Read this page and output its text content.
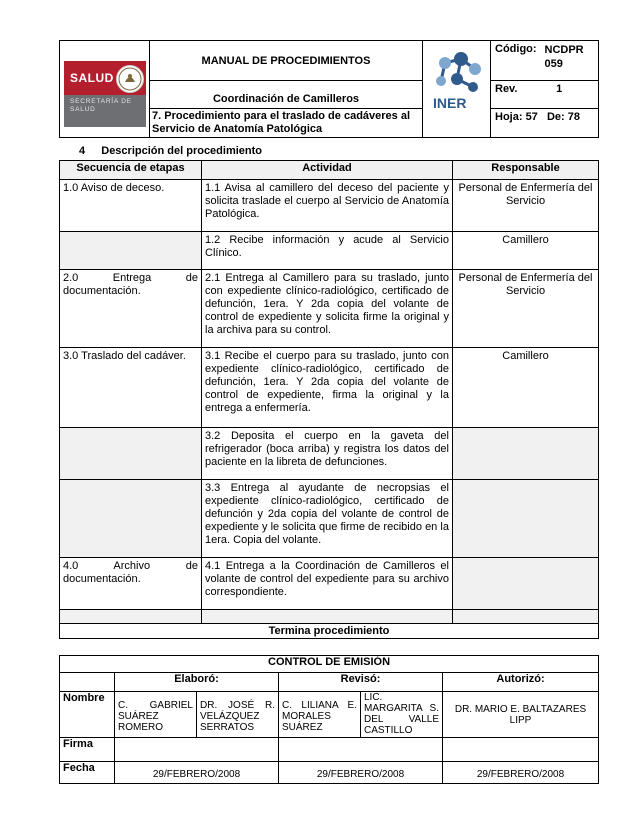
SALUD
SECRETARÍA DE SALUD	MANUAL DE PROCEDIMIENTOS	INER	Código: NCDPR 059

	Coordinación de Camilleros		Rev. 1
	7. Procedimiento para el traslado de cadáveres al Servicio de Anatomía Patológica		Hoja: 57 De: 78
4 Descripción del procedimiento
Secuencia de etapas	Actividad	Responsable
1.0 Aviso de deceso.	1.1 Avisa al camillero del deceso del paciente y solicita traslade el cuerpo al Servicio de Anatomía Patológica.	Personal de Enfermería del Servicio
	1.2 Recibe información y acude al Servicio Clínico.	Camillero
2.0 Entrega de documentación.	2.1 Entrega al Camillero para su traslado, junto con expediente clínico-radiológico, certificado de defunción, 1era. Y 2da copia del volante de control de expediente y solicita firme la original y la archiva para su control.	Personal de Enfermería del Servicio
3.0 Traslado del cadáver.	3.1 Recibe el cuerpo para su traslado, junto con expediente clínico-radiológico, certificado de defunción, 1era. Y 2da copia del volante de control de expediente, firma la original y la entrega a enfermería.	Camillero
	3.2 Deposita el cuerpo en la gaveta del refrigerador (boca arriba) y registra los datos del paciente en la libreta de defunciones.	
	3.3 Entrega al ayudante de necropsias el expediente clínico-radiológico, certificado de defunción y 2da copia del volante de control de expediente y le solicita que firme de recibido en la 1era. Copia del volante.	
4.0 Archivo de documentación.	4.1 Entrega a la Coordinación de Camilleros el volante de control del expediente para su archivo correspondiente.	

Termina procedimiento		
CONTROL DE EMISIÓN					
	Elaboró:		Revisó:		Autorizó:
Nombre	C. GABRIEL SUÁREZ ROMERO	DR. JOSÉ R. VELÁZQUEZ SERRATOS	C. LILIANA E. MORALES SUÁREZ	LIC. MARGARITA S. DEL VALLE CASTILLO	DR. MARIO E. BALTAZARES LIPP
Firma					
Fecha	29/FEBRERO/2008		29/FEBRERO/2008		29/FEBRERO/2008
